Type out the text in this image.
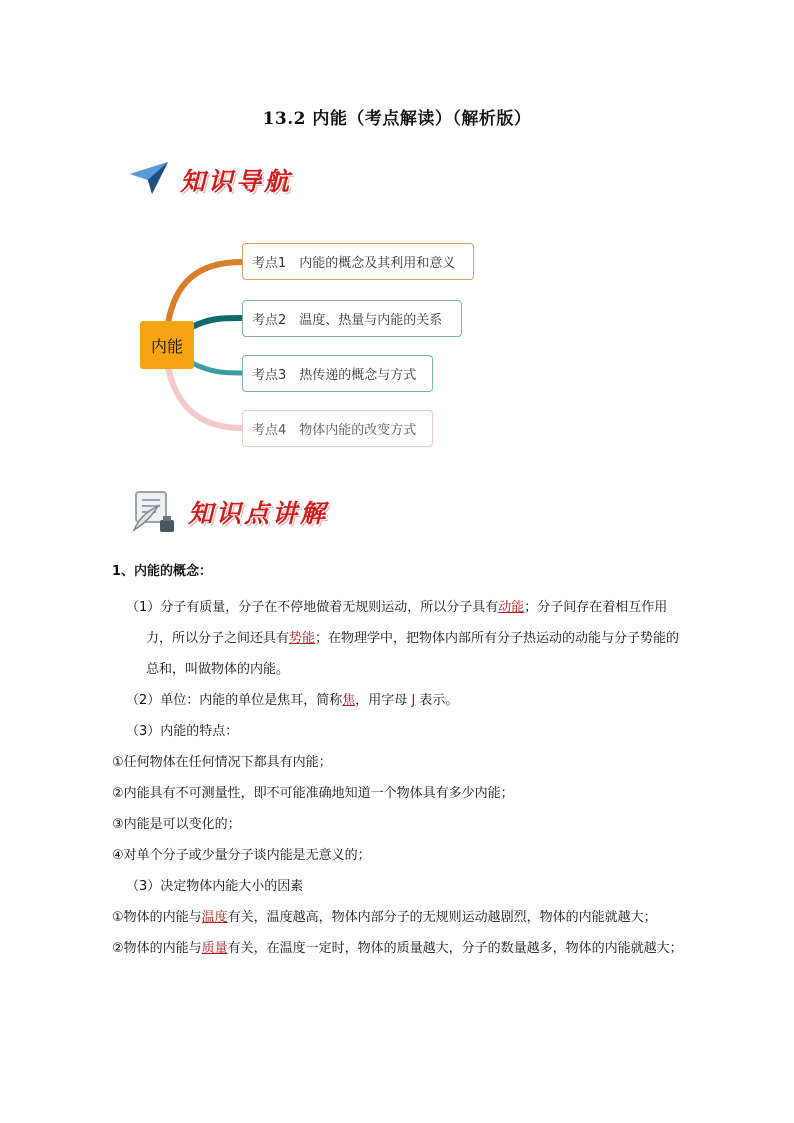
13.2 内能（考点解读）（解析版）
知识导航
内能
考点1 内能的概念及其利用和意义
考点2 温度、热量与内能的关系
考点3 热传递的概念与方式
考点4 物体内能的改变方式
知识点讲解

1、内能的概念：

（1）分子有质量，分子在不停地做着无规则运动，所以分子具有动能；分子间存在着相互作用力，所以分子之间还具有势能；在物理学中，把物体内部所有分子热运动的动能与分子势能的总和，叫做物体的内能。

（2）单位：内能的单位是焦耳，简称焦，用字母 J 表示。

（3）内能的特点：

①任何物体在任何情况下都具有内能；

②内能具有不可测量性，即不可能准确地知道一个物体具有多少内能；

③内能是可以变化的；

④对单个分子或少量分子谈内能是无意义的；

（3）决定物体内能大小的因素

①物体的内能与温度有关，温度越高，物体内部分子的无规则运动越剧烈，物体的内能就越大；

②物体的内能与质量有关，在温度一定时，物体的质量越大，分子的数量越多，物体的内能就越大；
